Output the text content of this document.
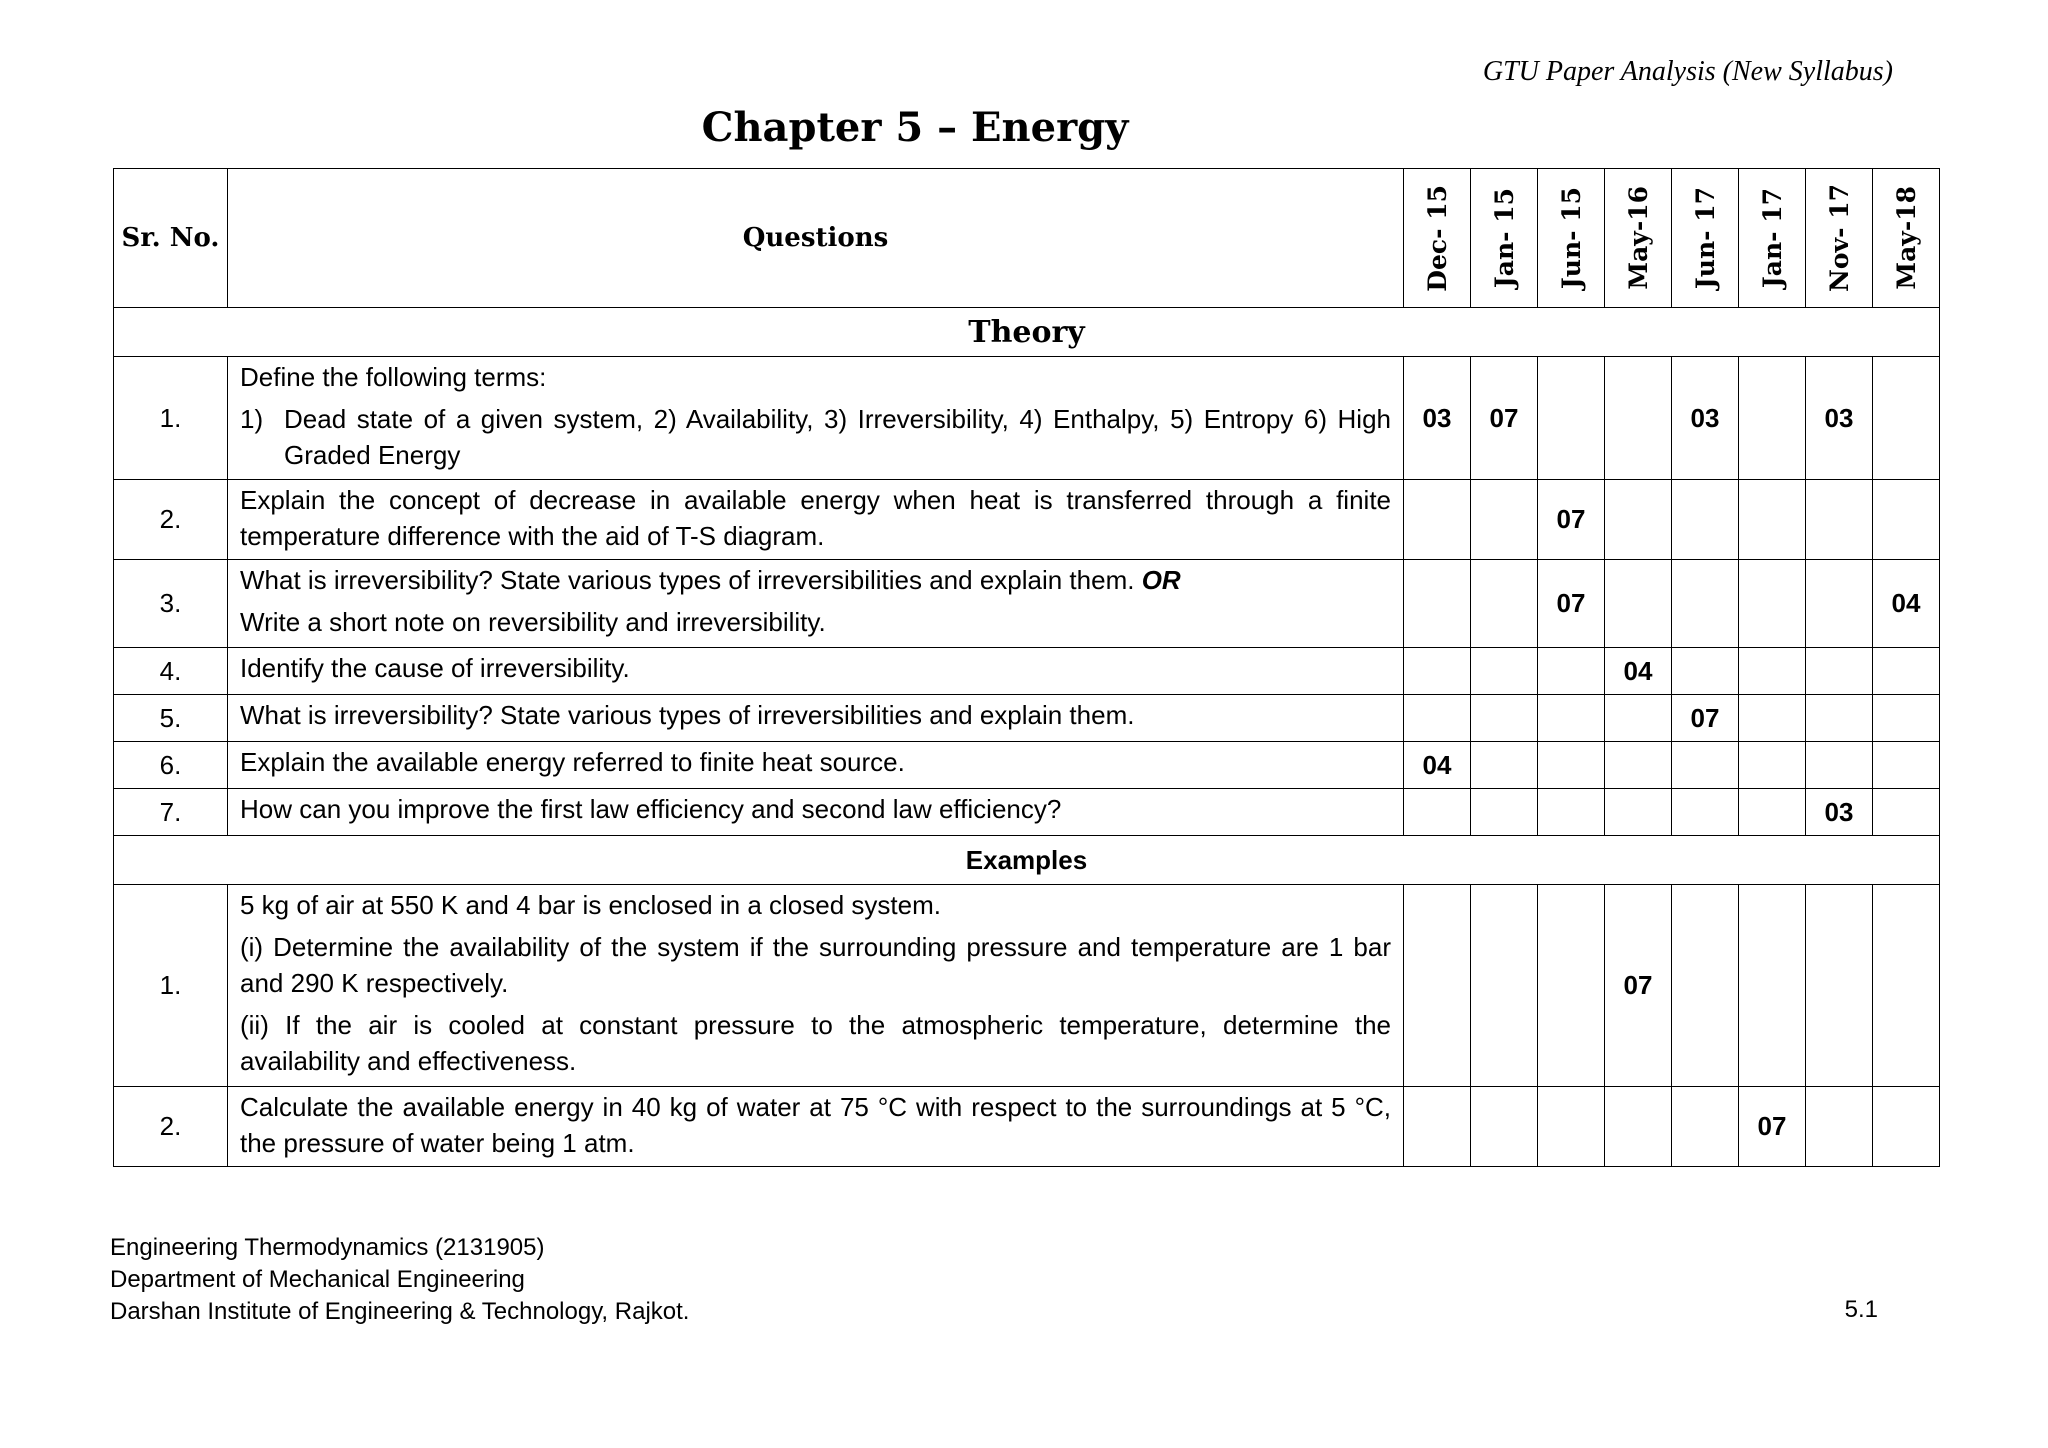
GTU Paper Analysis (New Syllabus)
Chapter 5 – Energy
Sr. No.	Questions	Dec- 15	Jan- 15	Jun- 15	May-16	Jun- 17	Jan- 17	Nov- 17	May-18

Theory									
1.	Define the following terms:
1) Dead state of a given system, 2) Availability, 3) Irreversibility, 4) Enthalpy, 5) Entropy 6) High Graded Energy	03	07			03		03	
2.	Explain the concept of decrease in available energy when heat is transferred through a finite temperature difference with the aid of T-S diagram.			07					
3.	What is irreversibility? State various types of irreversibilities and explain them. OR
Write a short note on reversibility and irreversibility.			07					04
4.	Identify the cause of irreversibility.				04				
5.	What is irreversibility? State various types of irreversibilities and explain them.					07			
6.	Explain the available energy referred to finite heat source.	04							
7.	How can you improve the first law efficiency and second law efficiency?							03	
Examples									
1.	5 kg of air at 550 K and 4 bar is enclosed in a closed system.
(i) Determine the availability of the system if the surrounding pressure and temperature are 1 bar and 290 K respectively.
(ii) If the air is cooled at constant pressure to the atmospheric temperature, determine the availability and effectiveness.				07				
2.	Calculate the available energy in 40 kg of water at 75 °C with respect to the surroundings at 5 °C, the pressure of water being 1 atm.						07		
Engineering Thermodynamics (2131905)
Department of Mechanical Engineering
Darshan Institute of Engineering & Technology, Rajkot.	5.1
